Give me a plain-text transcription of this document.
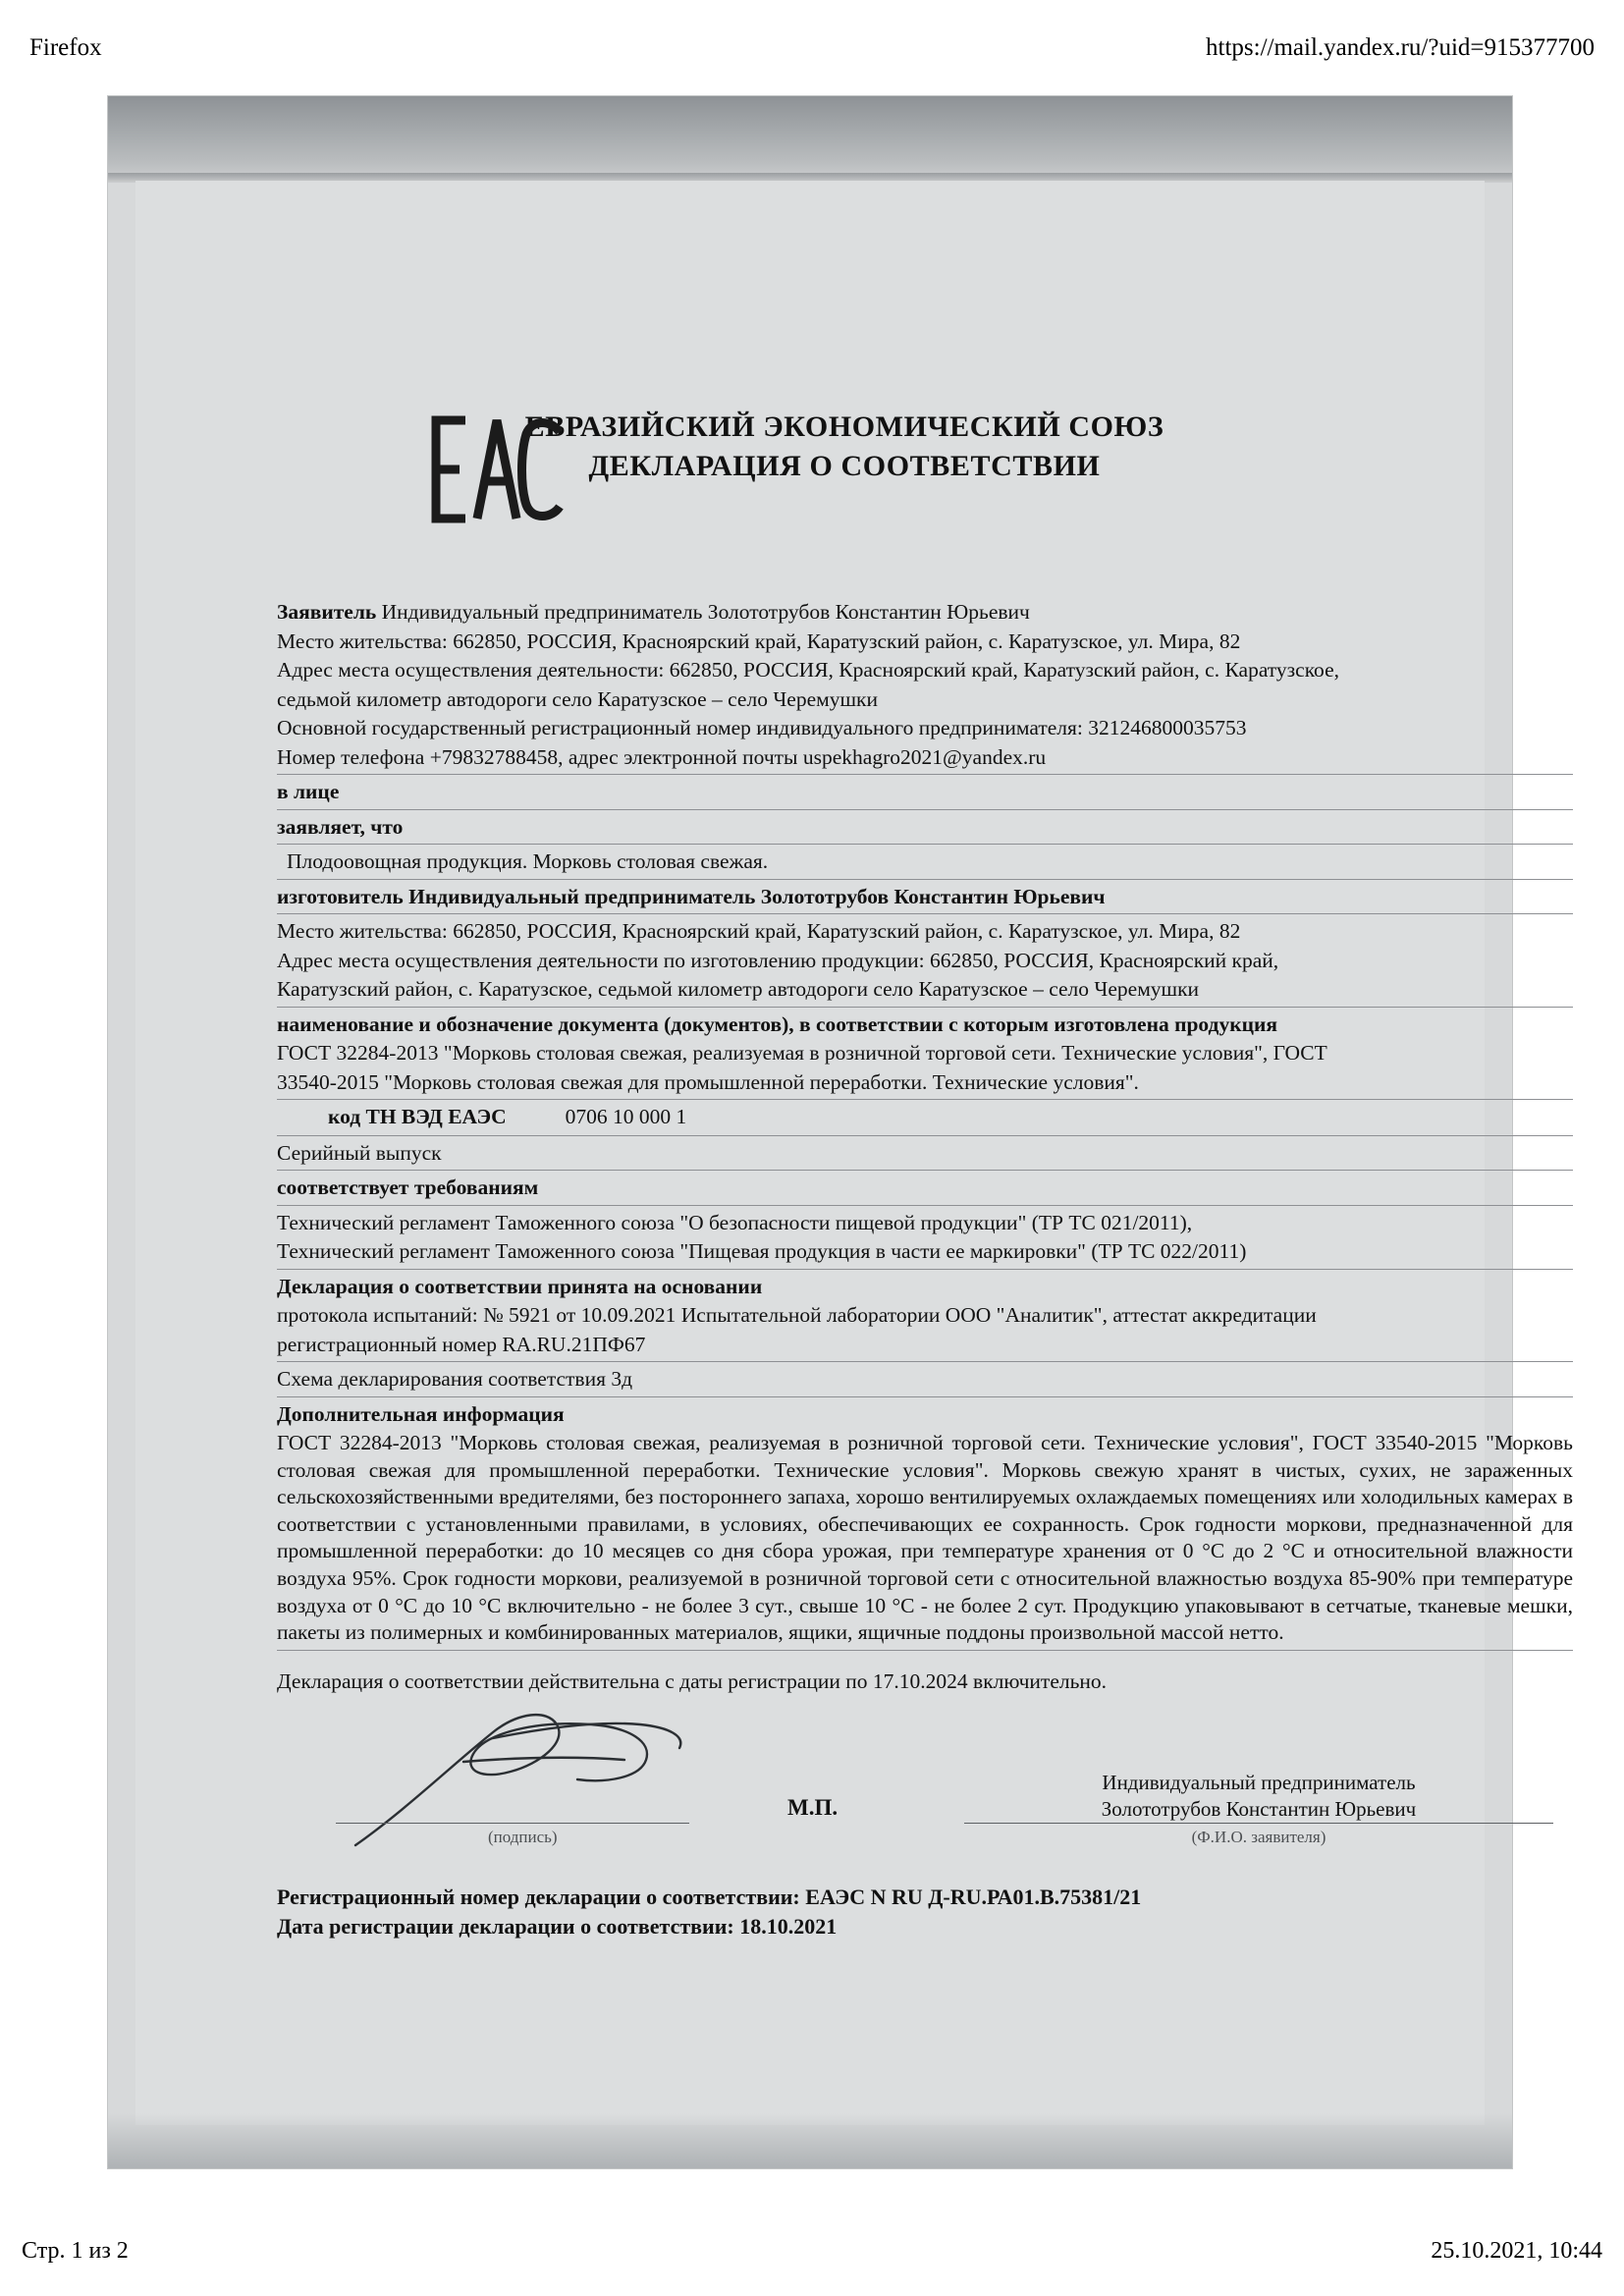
Firefox	https://mail.yandex.ru/?uid=915377700
ЕВРАЗИЙСКИЙ ЭКОНОМИЧЕСКИЙ СОЮЗ
ДЕКЛАРАЦИЯ О СООТВЕТСТВИИ
Заявитель Индивидуальный предприниматель Золототрубов Константин Юрьевич
Место жительства: 662850, РОССИЯ, Красноярский край, Каратузский район, с. Каратузское, ул. Мира, 82
Адрес места осуществления деятельности: 662850, РОССИЯ, Красноярский край, Каратузский район, с. Каратузское,
седьмой километр автодороги село Каратузское – село Черемушки
Основной государственный регистрационный номер индивидуального предпринимателя: 321246800035753
Номер телефона +79832788458, адрес электронной почты uspekhagro2021@yandex.ru
в лице
заявляет, что
Плодоовощная продукция. Морковь столовая свежая.
изготовитель Индивидуальный предприниматель Золототрубов Константин Юрьевич
Место жительства: 662850, РОССИЯ, Красноярский край, Каратузский район, с. Каратузское, ул. Мира, 82
Адрес места осуществления деятельности по изготовлению продукции: 662850, РОССИЯ, Красноярский край,
Каратузский район, с. Каратузское, седьмой километр автодороги село Каратузское – село Черемушки
наименование и обозначение документа (документов), в соответствии с которым изготовлена продукция
ГОСТ 32284-2013 "Морковь столовая свежая, реализуемая в розничной торговой сети. Технические условия", ГОСТ
33540-2015 "Морковь столовая свежая для промышленной переработки. Технические условия".
код ТН ВЭД ЕАЭС	0706 10 000 1
Серийный выпуск
соответствует требованиям
Технический регламент Таможенного союза "О безопасности пищевой продукции" (ТР ТС 021/2011),
Технический регламент Таможенного союза "Пищевая продукция в части ее маркировки" (ТР ТС 022/2011)
Декларация о соответствии принята на основании
протокола испытаний: № 5921 от 10.09.2021 Испытательной лаборатории ООО "Аналитик", аттестат аккредитации
регистрационный номер RA.RU.21ПФ67
Схема декларирования соответствия 3д
Дополнительная информация
ГОСТ 32284-2013 "Морковь столовая свежая, реализуемая в розничной торговой сети. Технические условия", ГОСТ 33540-2015 "Морковь столовая свежая для промышленной переработки. Технические условия". Морковь свежую хранят в чистых, сухих, не зараженных сельскохозяйственными вредителями, без постороннего запаха, хорошо вентилируемых охлаждаемых помещениях или холодильных камерах в соответствии с установленными правилами, в условиях, обеспечивающих ее сохранность. Срок годности моркови, предназначенной для промышленной переработки: до 10 месяцев со дня сбора урожая, при температуре хранения от 0 °С до 2 °С и относительной влажности воздуха 95%. Срок годности моркови, реализуемой в розничной торговой сети с относительной влажностью воздуха 85-90% при температуре воздуха от 0 °С до 10 °С включительно - не более 3 сут., свыше 10 °С - не более 2 сут. Продукцию упаковывают в сетчатые, тканевые мешки, пакеты из полимерных и комбинированных материалов, ящики, ящичные поддоны произвольной массой нетто.
Декларация о соответствии действительна с даты регистрации по 17.10.2024 включительно.
(подпись)
М.П.
Индивидуальный предприниматель
Золототрубов Константин Юрьевич
(Ф.И.О. заявителя)
Регистрационный номер декларации о соответствии: ЕАЭС N RU Д-RU.РА01.В.75381/21
Дата регистрации декларации о соответствии: 18.10.2021
Стр. 1 из 2	25.10.2021, 10:44
